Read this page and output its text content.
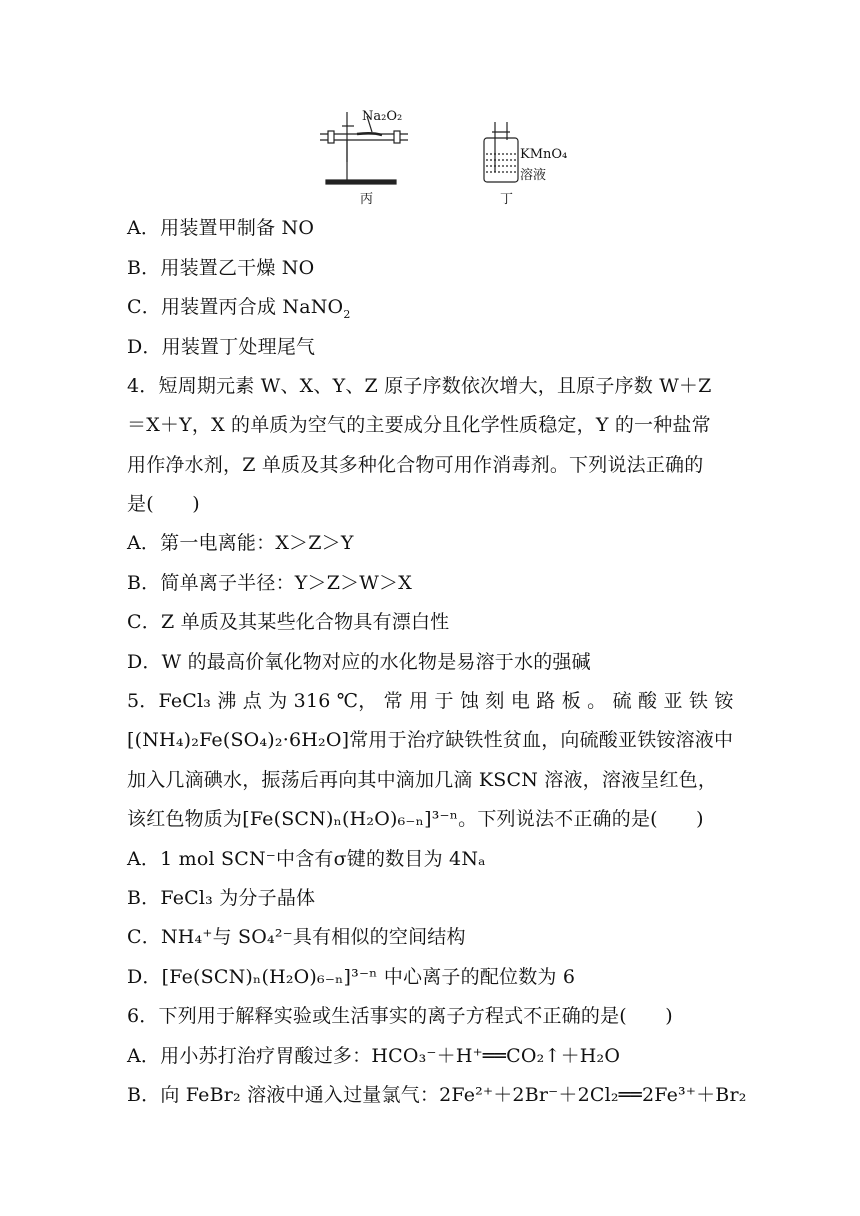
Na₂O₂
KMnO₄
溶液
丙	丁
A．用装置甲制备 NO
B．用装置乙干燥 NO
C．用装置丙合成 NaNO$_2$
D．用装置丁处理尾气
4．短周期元素 W、X、Y、Z 原子序数依次增大，且原子序数 W＋Z
＝X＋Y，X 的单质为空气的主要成分且化学性质稳定，Y 的一种盐常
用作净水剂，Z 单质及其多种化合物可用作消毒剂。下列说法正确的
是(　　)
A．第一电离能：X＞Z＞Y
B．简单离子半径：Y＞Z＞W＞X
C．Z 单质及其某些化合物具有漂白性
D．W 的最高价氧化物对应的水化物是易溶于水的强碱
5．FeCl₃ 沸 点 为 316 ℃， 常 用 于 蚀 刻 电 路 板 。 硫 酸 亚 铁 铵
[(NH₄)₂Fe(SO₄)₂·6H₂O]常用于治疗缺铁性贫血，向硫酸亚铁铵溶液中
加入几滴碘水，振荡后再向其中滴加几滴 KSCN 溶液，溶液呈红色，
该红色物质为[Fe(SCN)ₙ(H₂O)₆₋ₙ]³⁻ⁿ。下列说法不正确的是(　　)
A．1 mol SCN⁻中含有σ键的数目为 4Nₐ
B．FeCl₃ 为分子晶体
C．NH₄⁺与 SO₄²⁻具有相似的空间结构
D．[Fe(SCN)ₙ(H₂O)₆₋ₙ]³⁻ⁿ 中心离子的配位数为 6
6．下列用于解释实验或生活事实的离子方程式不正确的是(　　)
A．用小苏打治疗胃酸过多：HCO₃⁻＋H⁺══CO₂↑＋H₂O
B．向 FeBr₂ 溶液中通入过量氯气：2Fe²⁺＋2Br⁻＋2Cl₂══2Fe³⁺＋Br₂
